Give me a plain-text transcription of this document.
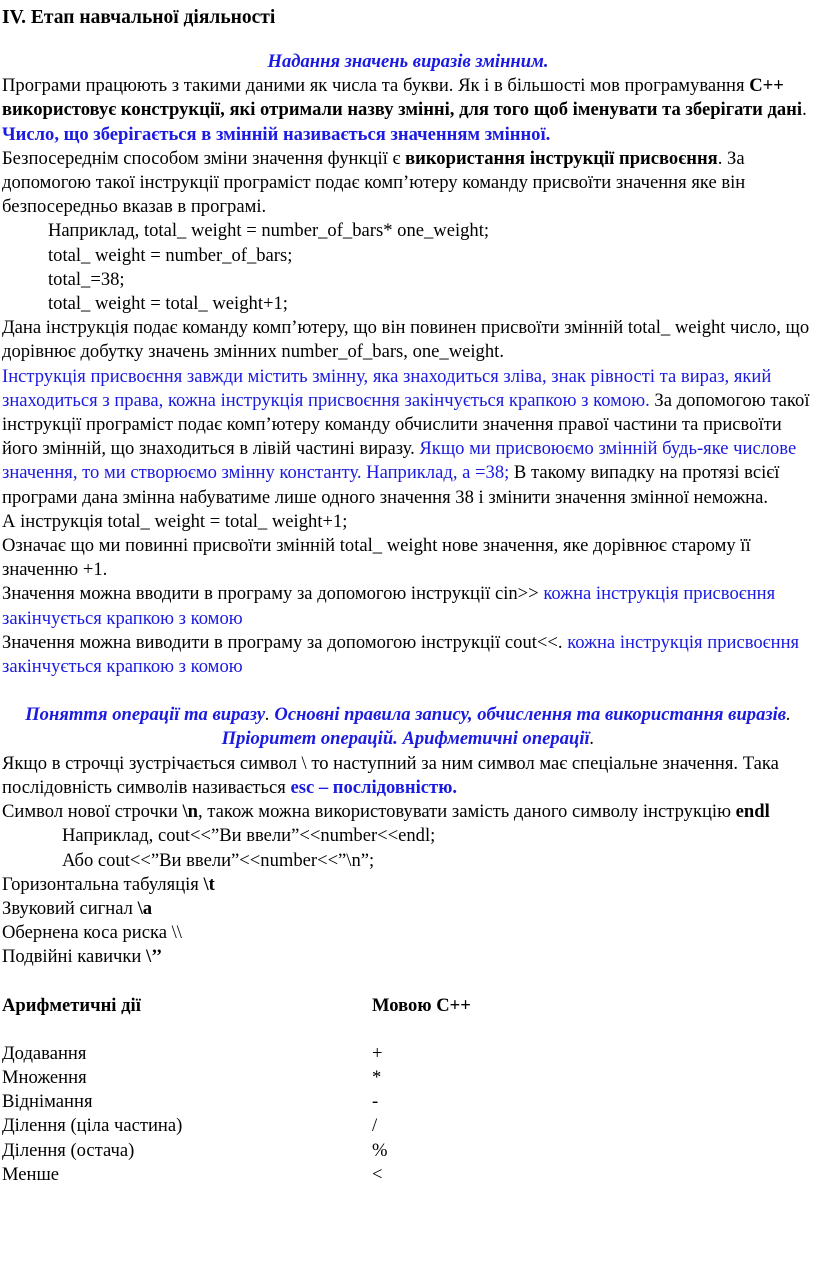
IV. Етап навчальної діяльності

Надання значень виразів змінним.

Програми працюють з такими даними як числа та букви. Як і в більшості мов програмування С++ використовує конструкції, які отримали назву змінні, для того щоб іменувати та зберігати дані. Число, що зберігається в змінній називається значенням змінної.

Безпосереднім способом зміни значення функції є використання інструкції присвоєння. За допомогою такої інструкції програміст подає комп’ютеру команду присвоїти значення яке він безпосередньо вказав в програмі.

Наприклад, total_ weight = number_of_bars* one_weight;

total_ weight = number_of_bars;

total_=38;

total_ weight = total_ weight+1;

Дана інструкція подає команду комп’ютеру, що він повинен присвоїти змінній total_ weight число, що дорівнює добутку значень змінних number_of_bars, one_weight.

Інструкція присвоєння завжди містить змінну, яка знаходиться зліва, знак рівності та вираз, який знаходиться з права, кожна інструкція присвоєння закінчується крапкою з комою. За допомогою такої інструкції програміст подає комп’ютеру команду обчислити значення правої частини та присвоїти його змінній, що знаходиться в лівій частині виразу. Якщо ми присвоюємо змінній будь-яке числове значення, то ми створюємо змінну константу. Наприклад, а =38; В такому випадку на протязі всієї програми дана змінна набуватиме лише одного значення 38 і змінити значення змінної неможна.

А інструкція total_ weight = total_ weight+1;

Означає що ми повинні присвоїти змінній total_ weight нове значення, яке дорівнює старому її значенню +1.

Значення можна вводити в програму за допомогою інструкції cin>> кожна інструкція присвоєння закінчується крапкою з комою

Значення можна виводити в програму за допомогою інструкції cout<<. кожна інструкція присвоєння закінчується крапкою з комою

Поняття операції та виразу. Основні правила запису, обчислення та використання виразів. Пріоритет операцій. Арифметичні операції.

Якщо в строчці зустрічається символ \ то наступний за ним символ має спеціальне значення. Така послідовність символів називається esc – послідовністю.

Символ нової строчки \n, також можна використовувати замість даного символу інструкцію endl

Наприклад, cout<<”Ви ввели”<<number<<endl;

Або cout<<”Ви ввели”<<number<<”\n”;

Горизонтальна табуляція \t

Звуковий сигнал \a

Обернена коса риска \\

Подвійні кавички \’’

Арифметичні дії		Мовою С++

Додавання		+
Множення		*
Віднімання		-
Ділення (ціла частина)		/
Ділення (остача)		%
Менше		<
